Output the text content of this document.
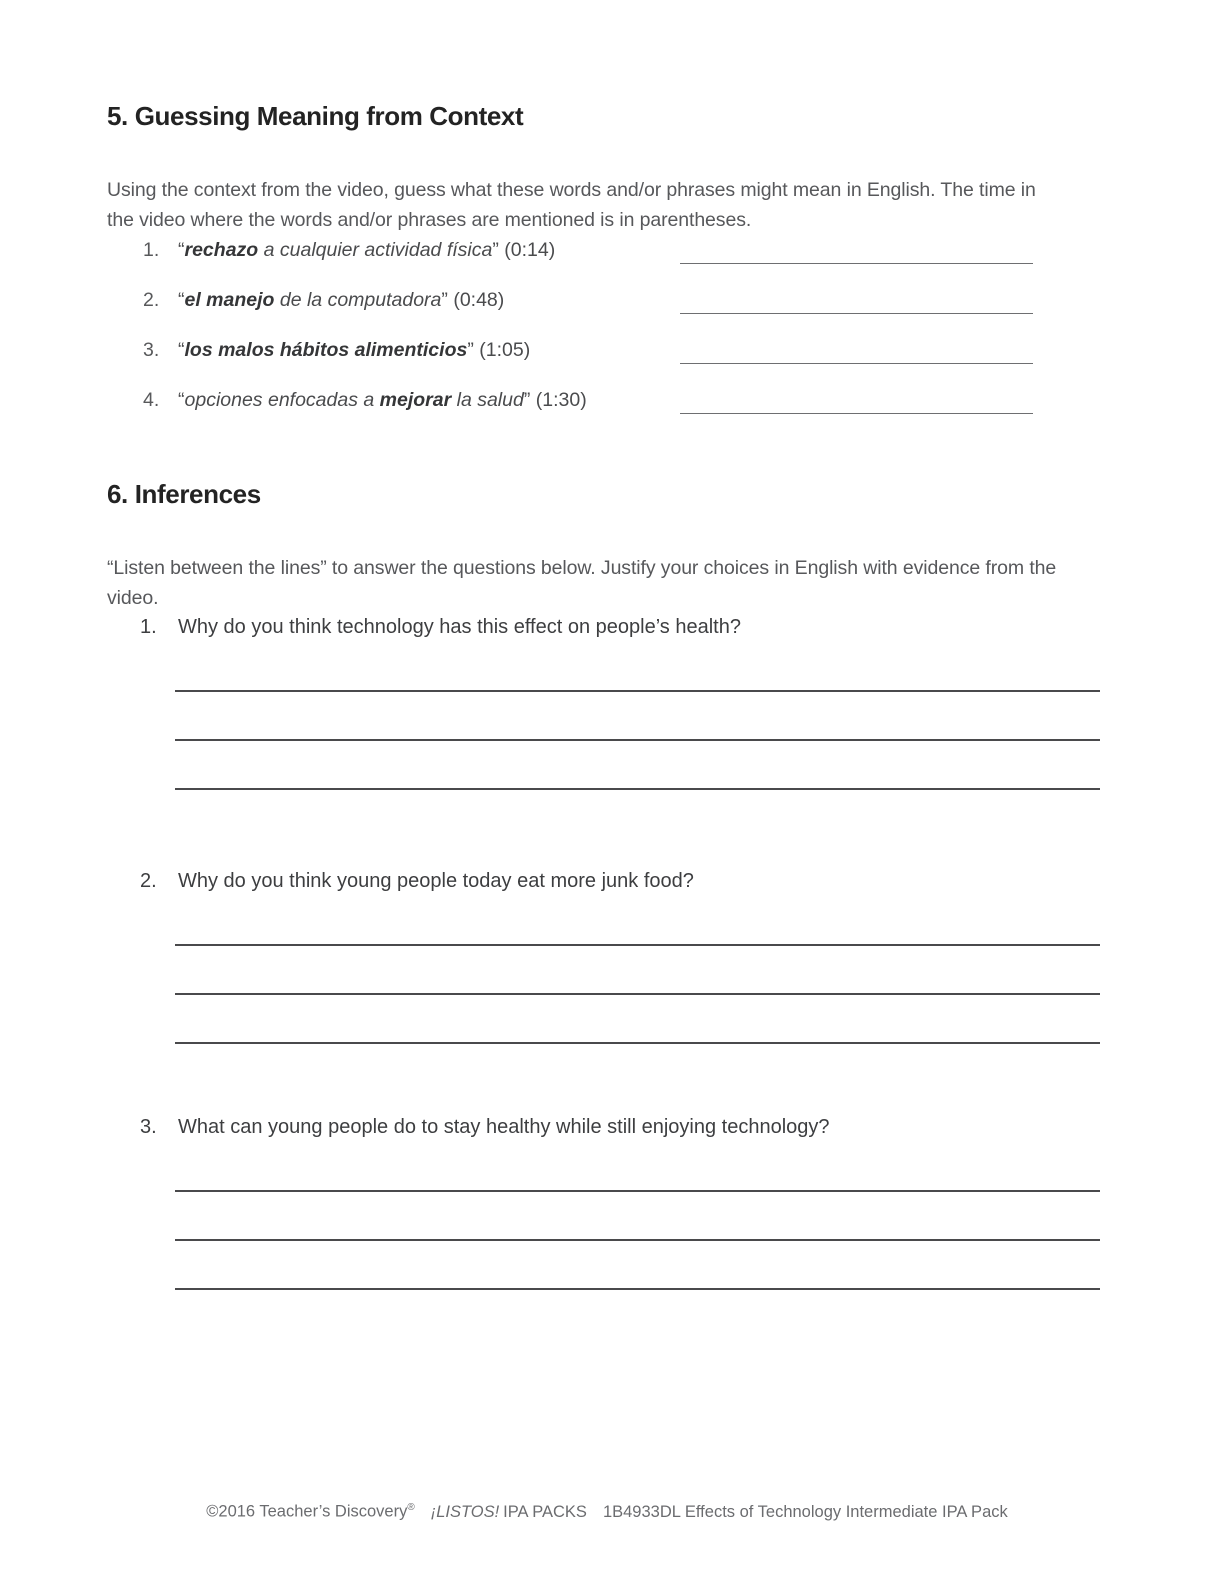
5. Guessing Meaning from Context

Using the context from the video, guess what these words and/or phrases might mean in English. The time in the video where the words and/or phrases are mentioned is in parentheses.

1. “rechazo a cualquier actividad física” (0:14)
2. “el manejo de la computadora” (0:48)
3. “los malos hábitos alimenticios” (1:05)
4. “opciones enfocadas a mejorar la salud” (1:30)
6. Inferences

“Listen between the lines” to answer the questions below. Justify your choices in English with evidence from the video.

1.	Why do you think technology has this effect on people’s health?
2.	Why do you think young people today eat more junk food?
3.	What can young people do to stay healthy while still enjoying technology?
©2016 Teacher’s Discovery® ¡LISTOS! IPA PACKS 1B4933DL Effects of Technology Intermediate IPA Pack
